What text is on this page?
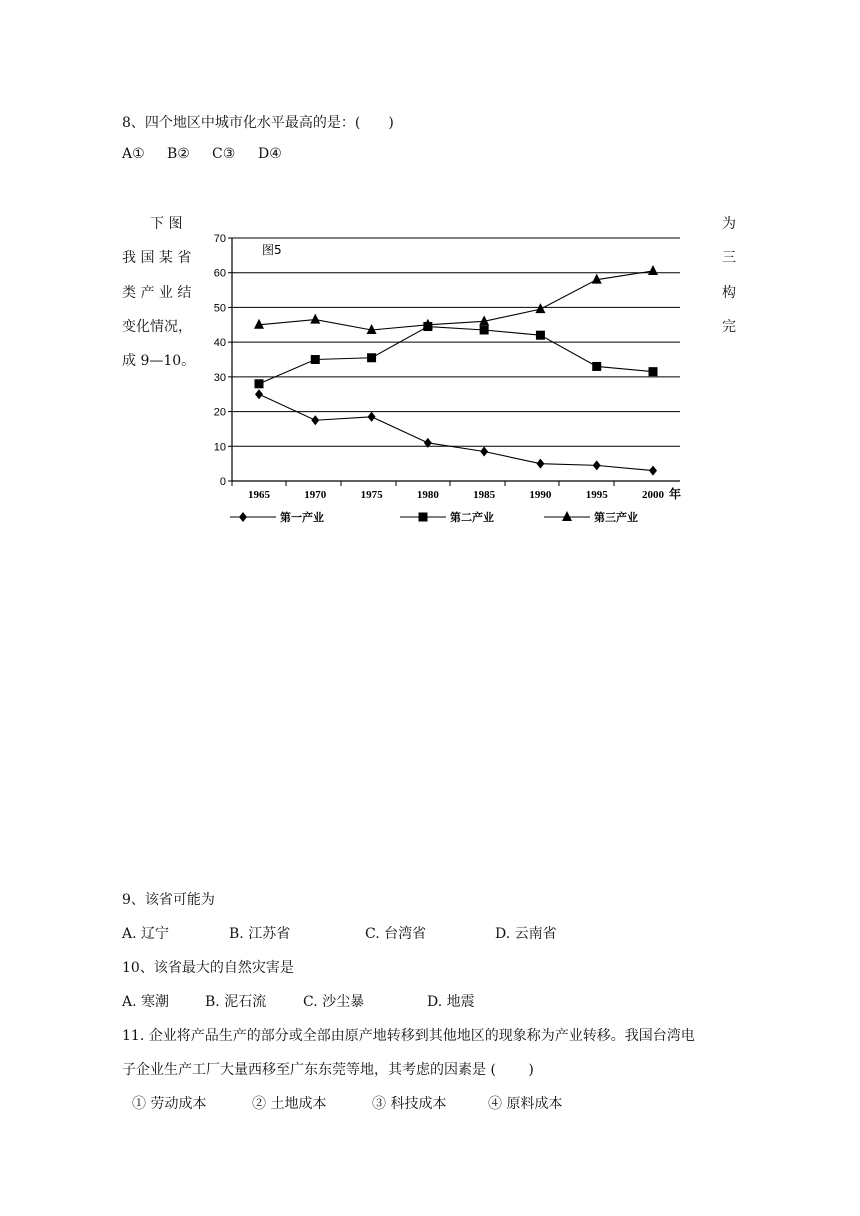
8、四个地区中城市化水平最高的是：(　　)
A① B② C③ D④
下 图	为
我 国 某 省	三
类 产 业 结	构
变化情况，	完
成 9—10。
0
10
20
30
40
50
60
70
1965	1970	1975	1980	1985	1990	1995	2000 年
图5
第一产业	第二产业	第三产业
9、该省可能为
A. 辽宁	B. 江苏省	C. 台湾省	D. 云南省
10、该省最大的自然灾害是
A. 寒潮	B. 泥石流	C. 沙尘暴	D. 地震
11. 企业将产品生产的部分或全部由原产地转移到其他地区的现象称为产业转移。我国台湾电
子企业生产工厂大量西移至广东东莞等地，其考虑的因素是 (　　 )
① 劳动成本	② 土地成本	③ 科技成本	④ 原料成本
